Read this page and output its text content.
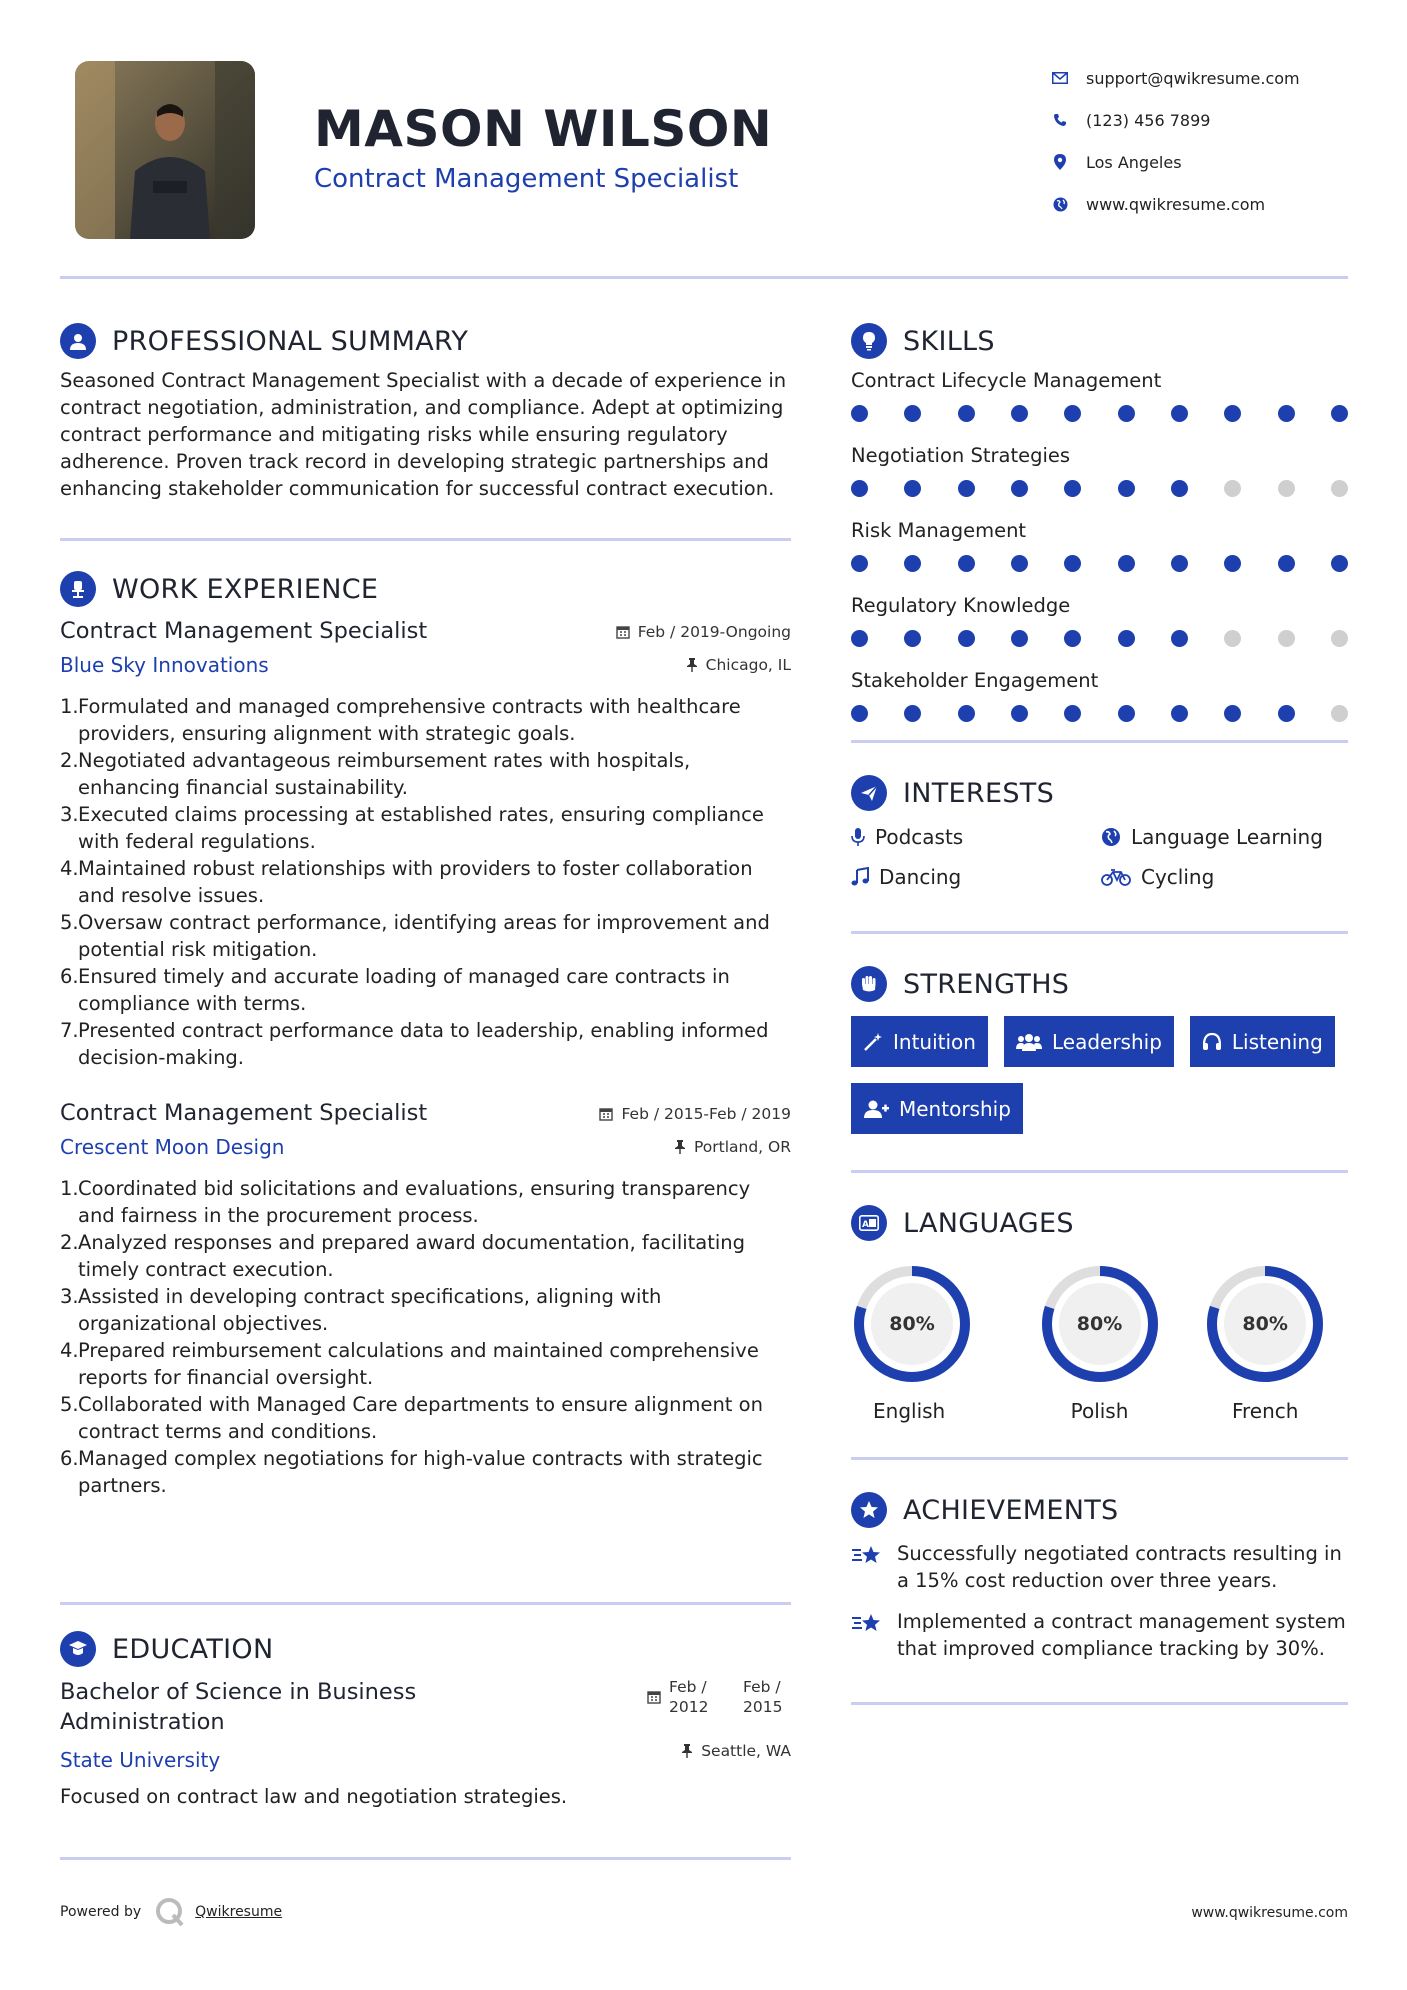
MASON WILSON
Contract Management Specialist
support@qwikresume.com
(123) 456 7899
Los Angeles
www.qwikresume.com
PROFESSIONAL SUMMARY

Seasoned Contract Management Specialist with a decade of experience in contract negotiation, administration, and compliance. Adept at optimizing contract performance and mitigating risks while ensuring regulatory adherence. Proven track record in developing strategic partnerships and enhancing stakeholder communication for successful contract execution.

WORK EXPERIENCE
Contract Management Specialist
Blue Sky Innovations
Feb / 2019-Ongoing
Chicago, IL
1. Formulated and managed comprehensive contracts with healthcare providers, ensuring alignment with strategic goals.
2. Negotiated advantageous reimbursement rates with hospitals, enhancing financial sustainability.
3. Executed claims processing at established rates, ensuring compliance with federal regulations.
4. Maintained robust relationships with providers to foster collaboration and resolve issues.
5. Oversaw contract performance, identifying areas for improvement and potential risk mitigation.
6. Ensured timely and accurate loading of managed care contracts in compliance with terms.
7. Presented contract performance data to leadership, enabling informed decision-making.
Contract Management Specialist
Crescent Moon Design
Feb / 2015-Feb / 2019
Portland, OR
1. Coordinated bid solicitations and evaluations, ensuring transparency and fairness in the procurement process.
2. Analyzed responses and prepared award documentation, facilitating timely contract execution.
3. Assisted in developing contract specifications, aligning with organizational objectives.
4. Prepared reimbursement calculations and maintained comprehensive reports for financial oversight.
5. Collaborated with Managed Care departments to ensure alignment on contract terms and conditions.
6. Managed complex negotiations for high-value contracts with strategic partners.
EDUCATION
Bachelor of Science in Business
Administration
State University
Feb / 2012
Feb / 2015
Seattle, WA

Focused on contract law and negotiation strategies.

SKILLS
Contract Lifecycle Management
Negotiation Strategies
Risk Management
Regulatory Knowledge
Stakeholder Engagement
INTERESTS
Podcasts	Language Learning
Dancing	Cycling
STRENGTHS
Intuition	Leadership	Listening
Mentorship
A LANGUAGES
80%
English
80%
Polish
80%
French
ACHIEVEMENTS

Successfully negotiated contracts resulting in a 15% cost reduction over three years.

Implemented a contract management system that improved compliance tracking by 30%.

Powered by	Qwikresume	www.qwikresume.com
